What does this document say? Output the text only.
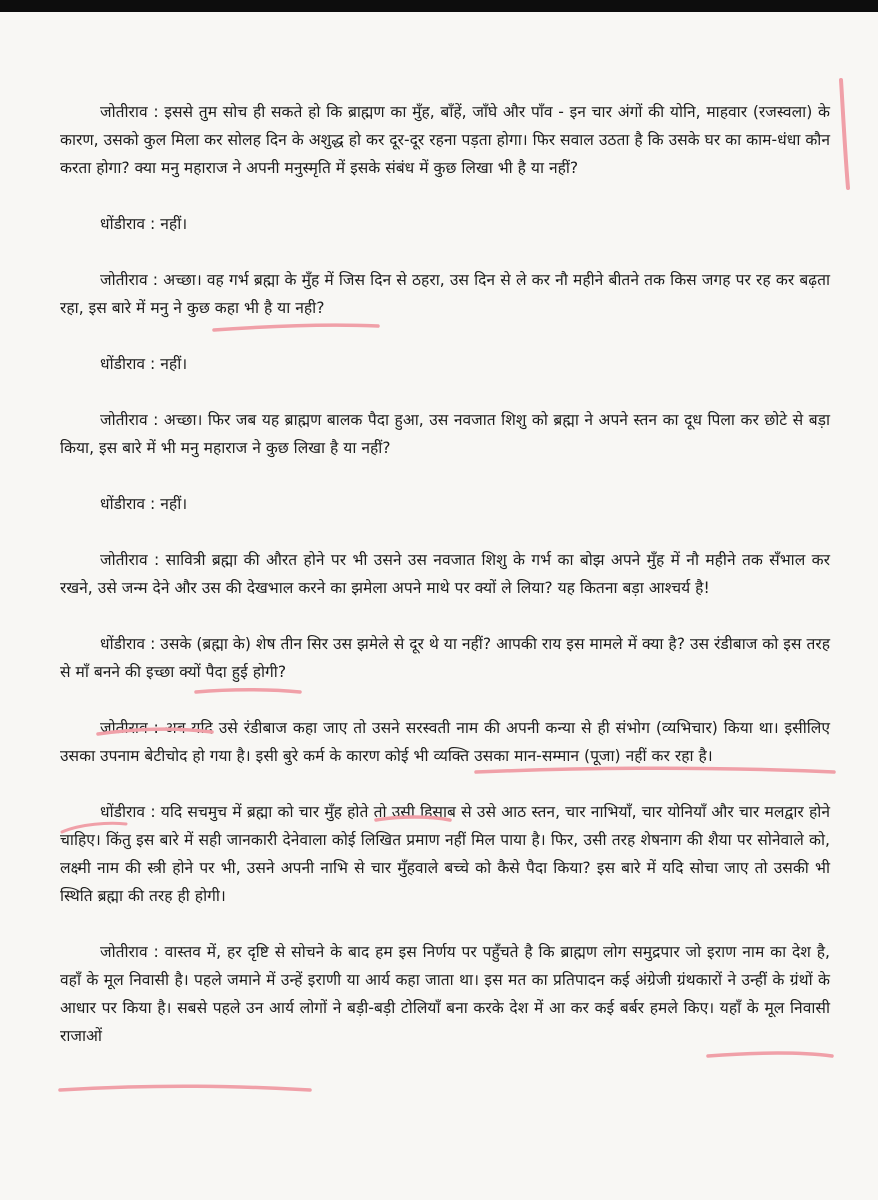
जोतीराव : इससे तुम सोच ही सकते हो कि ब्राह्मण का मुँह, बाँहें, जाँघे और पाँव - इन चार अंगों की योनि, माहवार (रजस्वला) के कारण, उसको कुल मिला कर सोलह दिन के अशुद्ध हो कर दूर-दूर रहना पड़ता होगा। फिर सवाल उठता है कि उसके घर का काम-धंधा कौन करता होगा? क्या मनु महाराज ने अपनी मनुस्मृति में इसके संबंध में कुछ लिखा भी है या नहीं?

धोंडीराव : नहीं।

जोतीराव : अच्छा। वह गर्भ ब्रह्मा के मुँह में जिस दिन से ठहरा, उस दिन से ले कर नौ महीने बीतने तक किस जगह पर रह कर बढ़ता रहा, इस बारे में मनु ने कुछ कहा भी है या नही?

धोंडीराव : नहीं।

जोतीराव : अच्छा। फिर जब यह ब्राह्मण बालक पैदा हुआ, उस नवजात शिशु को ब्रह्मा ने अपने स्तन का दूध पिला कर छोटे से बड़ा किया, इस बारे में भी मनु महाराज ने कुछ लिखा है या नहीं?

धोंडीराव : नहीं।

जोतीराव : सावित्री ब्रह्मा की औरत होने पर भी उसने उस नवजात शिशु के गर्भ का बोझ अपने मुँह में नौ महीने तक सँभाल कर रखने, उसे जन्म देने और उस की देखभाल करने का झमेला अपने माथे पर क्यों ले लिया? यह कितना बड़ा आश्चर्य है!

धोंडीराव : उसके (ब्रह्मा के) शेष तीन सिर उस झमेले से दूर थे या नहीं? आपकी राय इस मामले में क्या है? उस रंडीबाज को इस तरह से माँ बनने की इच्छा क्यों पैदा हुई होगी?

जोतीराव : अब यदि उसे रंडीबाज कहा जाए तो उसने सरस्वती नाम की अपनी कन्या से ही संभोग (व्यभिचार) किया था। इसीलिए उसका उपनाम बेटीचोद हो गया है। इसी बुरे कर्म के कारण कोई भी व्यक्ति उसका मान-सम्मान (पूजा) नहीं कर रहा है।

धोंडीराव : यदि सचमुच में ब्रह्मा को चार मुँह होते तो उसी हिसाब से उसे आठ स्तन, चार नाभियाँ, चार योनियाँ और चार मलद्वार होने चाहिए। किंतु इस बारे में सही जानकारी देनेवाला कोई लिखित प्रमाण नहीं मिल पाया है। फिर, उसी तरह शेषनाग की शैया पर सोनेवाले को, लक्ष्मी नाम की स्त्री होने पर भी, उसने अपनी नाभि से चार मुँहवाले बच्चे को कैसे पैदा किया? इस बारे में यदि सोचा जाए तो उसकी भी स्थिति ब्रह्मा की तरह ही होगी।

जोतीराव : वास्तव में, हर दृष्टि से सोचने के बाद हम इस निर्णय पर पहुँचते है कि ब्राह्मण लोग समुद्रपार जो इराण नाम का देश है, वहाँ के मूल निवासी है। पहले जमाने में उन्हें इराणी या आर्य कहा जाता था। इस मत का प्रतिपादन कई अंग्रेजी ग्रंथकारों ने उन्हीं के ग्रंथों के आधार पर किया है। सबसे पहले उन आर्य लोगों ने बड़ी-बड़ी टोलियाँ बना करके देश में आ कर कई बर्बर हमले किए। यहाँ के मूल निवासी राजाओं
